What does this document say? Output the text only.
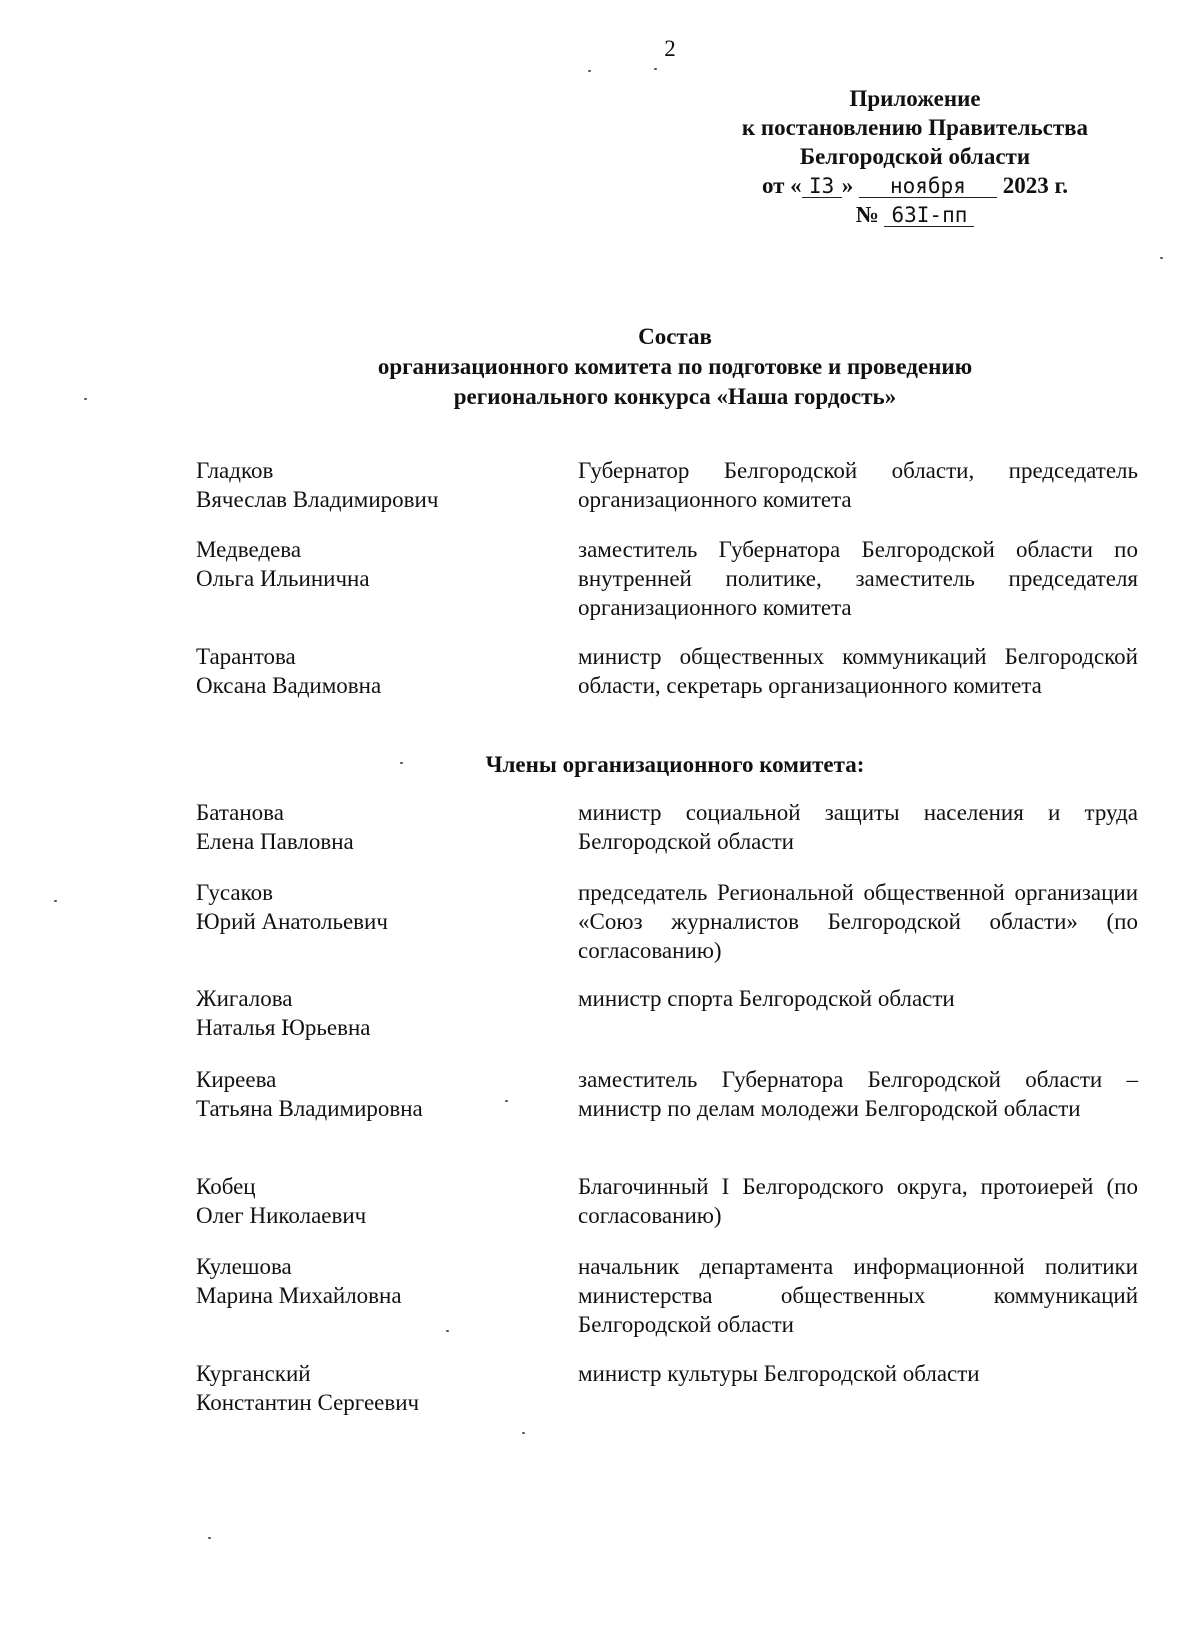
2
Приложение
к постановлению Правительства
Белгородской области
от « I3 » ноября 2023 г.
№ 63I-пп
Состав
организационного комитета по подготовке и проведению
регионального конкурса «Наша гордость»
Гладков
Вячеслав Владимирович
Губернатор Белгородской области, председатель организационного комитета
Медведева
Ольга Ильинична
заместитель Губернатора Белгородской области по внутренней политике, заместитель председателя организационного комитета
Тарантова
Оксана Вадимовна
министр общественных коммуникаций Белгородской области, секретарь организационного комитета
Члены организационного комитета:
Батанова
Елена Павловна
министр социальной защиты населения и труда Белгородской области
Гусаков
Юрий Анатольевич
председатель Региональной общественной организации «Союз журналистов Белгородской области» (по согласованию)
Жигалова
Наталья Юрьевна
министр спорта Белгородской области
Киреева
Татьяна Владимировна
заместитель Губернатора Белгородской области – министр по делам молодежи Белгородской области
Кобец
Олег Николаевич
Благочинный I Белгородского округа, протоиерей (по согласованию)
Кулешова
Марина Михайловна
начальник департамента информационной политики министерства общественных коммуникаций Белгородской области
Курганский
Константин Сергеевич
министр культуры Белгородской области
